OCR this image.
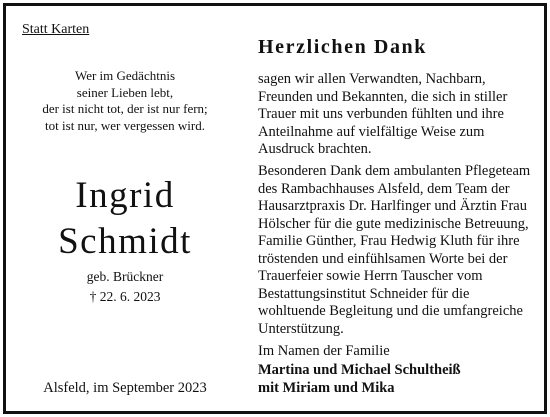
Statt Karten

Wer im Gedächtnis
seiner Lieben lebt,
der ist nicht tot, der ist nur fern;
tot ist nur, wer vergessen wird.
Ingrid
Schmidt

geb. Brückner

† 22. 6. 2023

Alsfeld, im September 2023

Herzlichen Dank
sagen wir allen Verwandten, Nachbarn,
Freunden und Bekannten, die sich in stiller
Trauer mit uns verbunden fühlten und ihre
Anteilnahme auf vielfältige Weise zum
Ausdruck brachten.
Besonderen Dank dem ambulanten Pflegeteam
des Rambachhauses Alsfeld, dem Team der
Hausarztpraxis Dr. Harlfinger und Ärztin Frau
Hölscher für die gute medizinische Betreuung,
Familie Günther, Frau Hedwig Kluth für ihre
tröstenden und einfühlsamen Worte bei der
Trauerfeier sowie Herrn Tauscher vom
Bestattungsinstitut Schneider für die
wohltuende Begleitung und die umfangreiche
Unterstützung.

Im Namen der Familie

Martina und Michael Schultheiß
mit Miriam und Mika
